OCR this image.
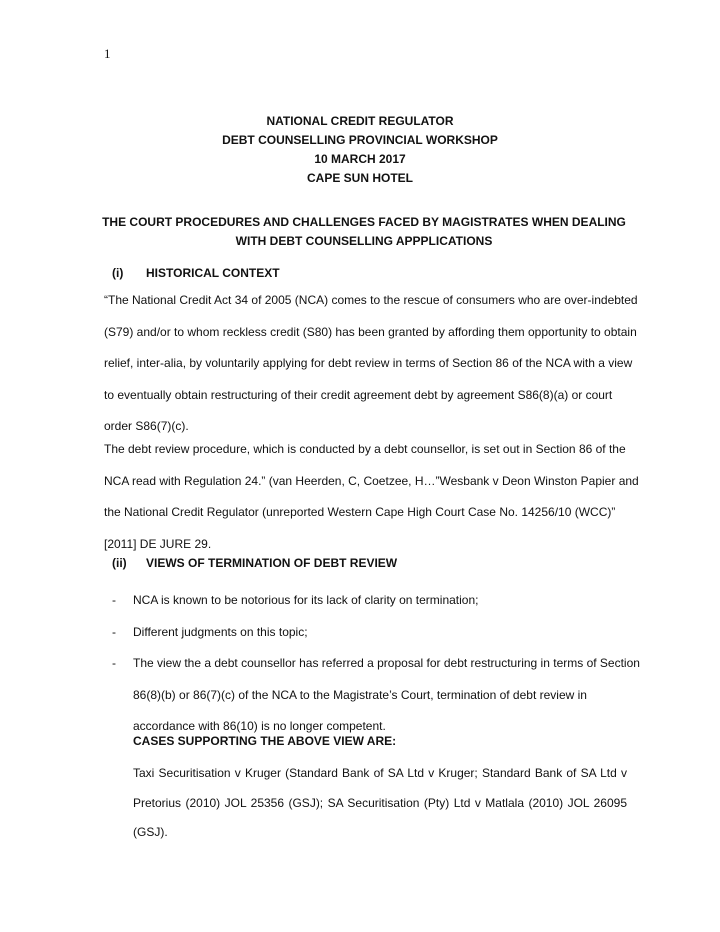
1
NATIONAL CREDIT REGULATOR
DEBT COUNSELLING PROVINCIAL WORKSHOP
10 MARCH 2017
CAPE SUN HOTEL
THE COURT PROCEDURES AND CHALLENGES FACED BY MAGISTRATES WHEN DEALING
WITH DEBT COUNSELLING APPPLICATIONS
(i) HISTORICAL CONTEXT
“The National Credit Act 34 of 2005 (NCA) comes to the rescue of consumers who are over-indebted
(S79) and/or to whom reckless credit (S80) has been granted by affording them opportunity to obtain
relief, inter-alia, by voluntarily applying for debt review in terms of Section 86 of the NCA with a view
to eventually obtain restructuring of their credit agreement debt by agreement S86(8)(a) or court
order S86(7)(c).
The debt review procedure, which is conducted by a debt counsellor, is set out in Section 86 of the
NCA read with Regulation 24.” (van Heerden, C, Coetzee, H…”Wesbank v Deon Winston Papier and
the National Credit Regulator (unreported Western Cape High Court Case No. 14256/10 (WCC)”
[2011] DE JURE 29.
(ii) VIEWS OF TERMINATION OF DEBT REVIEW
- NCA is known to be notorious for its lack of clarity on termination;
- Different judgments on this topic;
- The view the a debt counsellor has referred a proposal for debt restructuring in terms of Section
86(8)(b) or 86(7)(c) of the NCA to the Magistrate’s Court, termination of debt review in
accordance with 86(10) is no longer competent.
CASES SUPPORTING THE ABOVE VIEW ARE:
Taxi Securitisation v Kruger (Standard Bank of SA Ltd v Kruger; Standard Bank of SA Ltd v
Pretorius (2010) JOL 25356 (GSJ); SA Securitisation (Pty) Ltd v Matlala (2010) JOL 26095
(GSJ).
